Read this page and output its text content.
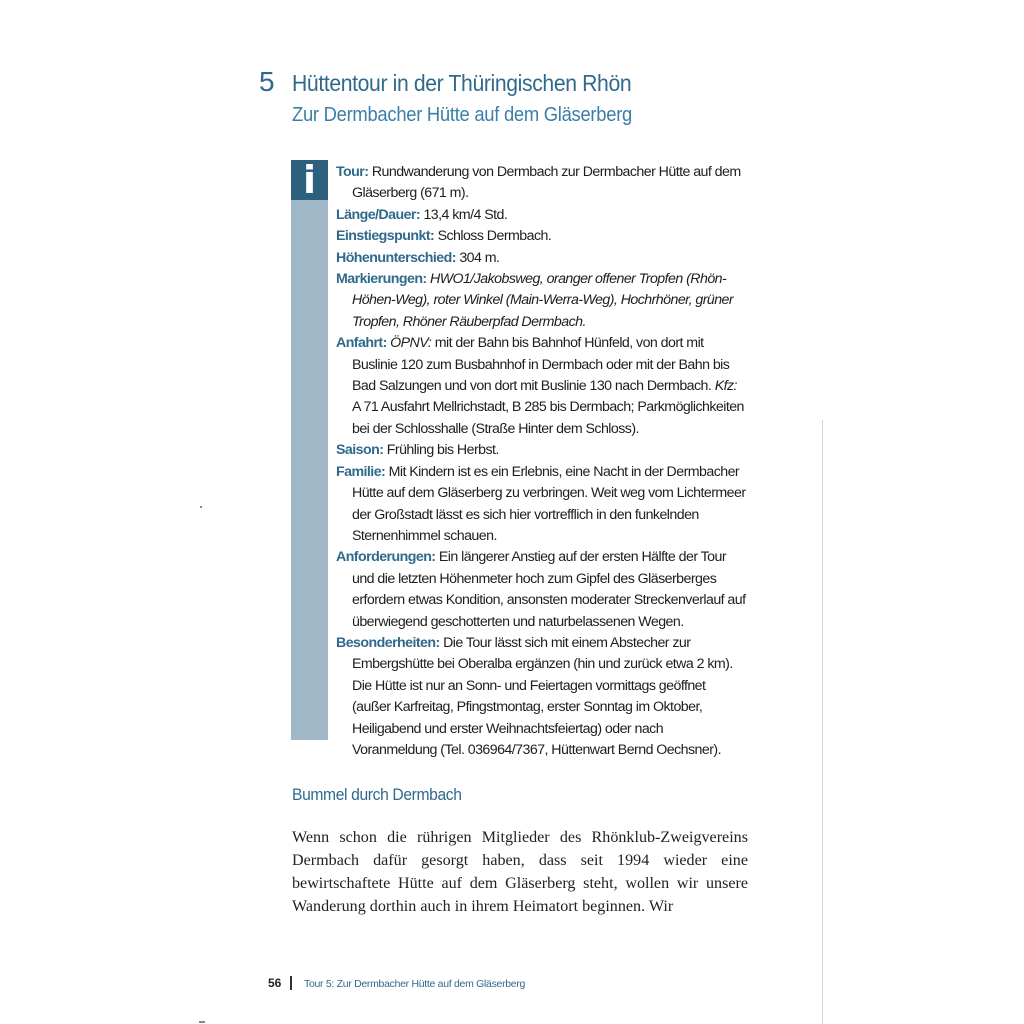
5 Hüttentour in der Thüringischen Rhön
Zur Dermbacher Hütte auf dem Gläserberg
i	Tour: Rundwanderung von Dermbach zur Dermbacher Hütte auf dem Gläserberg (671 m).

Länge/Dauer: 13,4 km/4 Std.

Einstiegspunkt: Schloss Dermbach.

Höhenunterschied: 304 m.

Markierungen: HWO1/Jakobsweg, oranger offener Tropfen (Rhön-Höhen-Weg), roter Winkel (Main-Werra-Weg), Hochrhöner, grüner Tropfen, Rhöner Räuberpfad Dermbach.

Anfahrt: ÖPNV: mit der Bahn bis Bahnhof Hünfeld, von dort mit Buslinie 120 zum Busbahnhof in Dermbach oder mit der Bahn bis Bad Salzungen und von dort mit Buslinie 130 nach Dermbach. Kfz: A 71 Ausfahrt Mellrichstadt, B 285 bis Dermbach; Parkmöglichkeiten bei der Schlosshalle (Straße Hinter dem Schloss).

Saison: Frühling bis Herbst.

Familie: Mit Kindern ist es ein Erlebnis, eine Nacht in der Dermbacher Hütte auf dem Gläserberg zu verbringen. Weit weg vom Lichtermeer der Großstadt lässt es sich hier vortrefflich in den funkelnden Sternenhimmel schauen.

Anforderungen: Ein längerer Anstieg auf der ersten Hälfte der Tour und die letzten Höhenmeter hoch zum Gipfel des Gläserberges erfordern etwas Kondition, ansonsten moderater Streckenverlauf auf überwiegend geschotterten und naturbelassenen Wegen.

Besonderheiten: Die Tour lässt sich mit einem Abstecher zur Embergshütte bei Oberalba ergänzen (hin und zurück etwa 2 km). Die Hütte ist nur an Sonn- und Feiertagen vormittags geöffnet (außer Karfreitag, Pfingstmontag, erster Sonntag im Oktober, Heiligabend und erster Weihnachtsfeiertag) oder nach Voranmeldung (Tel. 036964/7367, Hüttenwart Bernd Oechsner).

Bummel durch Dermbach
Wenn schon die rührigen Mitglieder des Rhönklub-Zweigvereins Dermbach dafür gesorgt haben, dass seit 1994 wieder eine bewirtschaftete Hütte auf dem Gläserberg steht, wollen wir unsere Wanderung dorthin auch in ihrem Heimatort beginnen. Wir
56 Tour 5: Zur Dermbacher Hütte auf dem Gläserberg
